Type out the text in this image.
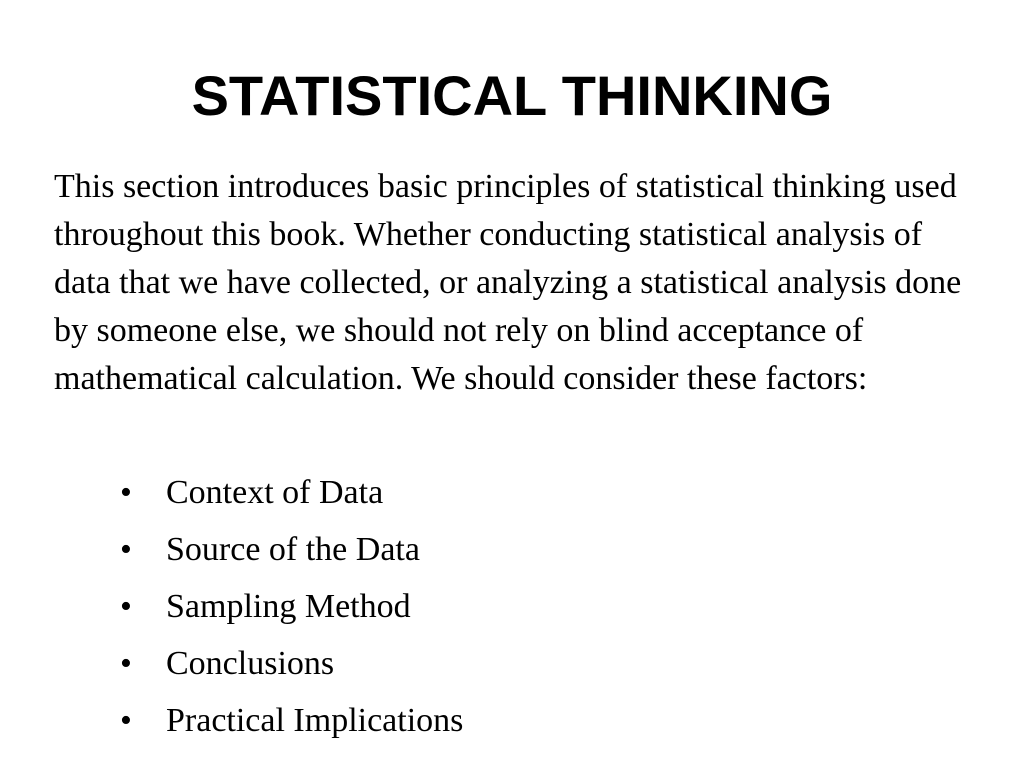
STATISTICAL THINKING

This section introduces basic principles of statistical thinking used throughout this book. Whether conducting statistical analysis of data that we have collected, or analyzing a statistical analysis done by someone else, we should not rely on blind acceptance of mathematical calculation. We should consider these factors:

•	Context of Data
•	Source of the Data
•	Sampling Method
•	Conclusions
•	Practical Implications
